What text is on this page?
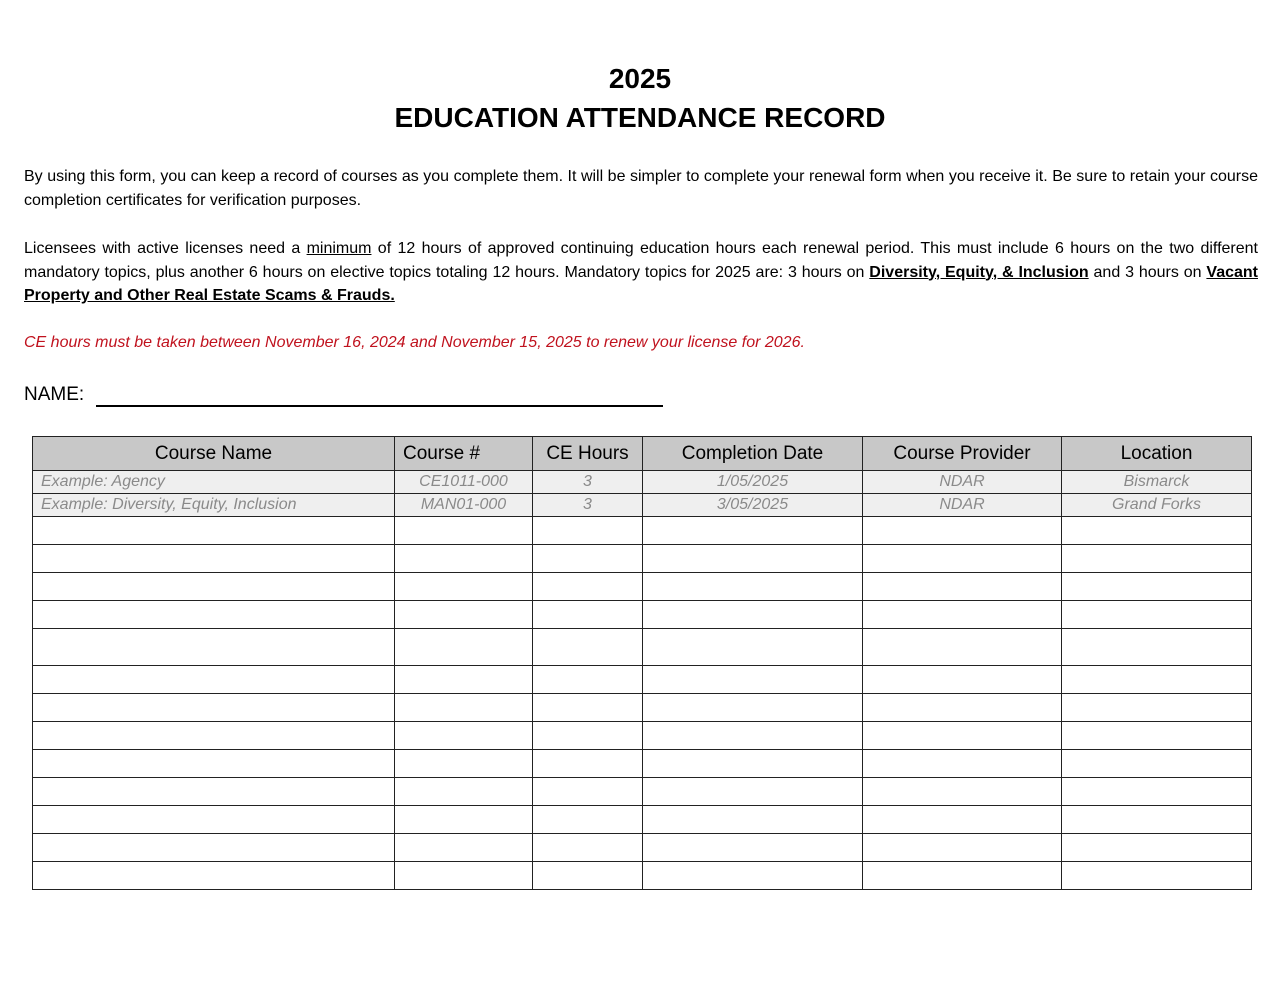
2025
EDUCATION ATTENDANCE RECORD

By using this form, you can keep a record of courses as you complete them. It will be simpler to complete your renewal form when you receive it. Be sure to retain your course completion certificates for verification purposes.

Licensees with active licenses need a minimum of 12 hours of approved continuing education hours each renewal period. This must include 6 hours on the two different mandatory topics, plus another 6 hours on elective topics totaling 12 hours. Mandatory topics for 2025 are: 3 hours on Diversity, Equity, & Inclusion and 3 hours on Vacant Property and Other Real Estate Scams & Frauds.

CE hours must be taken between November 16, 2024 and November 15, 2025 to renew your license for 2026.

NAME:
Course Name	Course #	CE Hours	Completion Date	Course Provider	Location
Example: Agency	CE1011-000	3	1/05/2025	NDAR	Bismarck
Example: Diversity, Equity, Inclusion	MAN01-000	3	3/05/2025	NDAR	Grand Forks
